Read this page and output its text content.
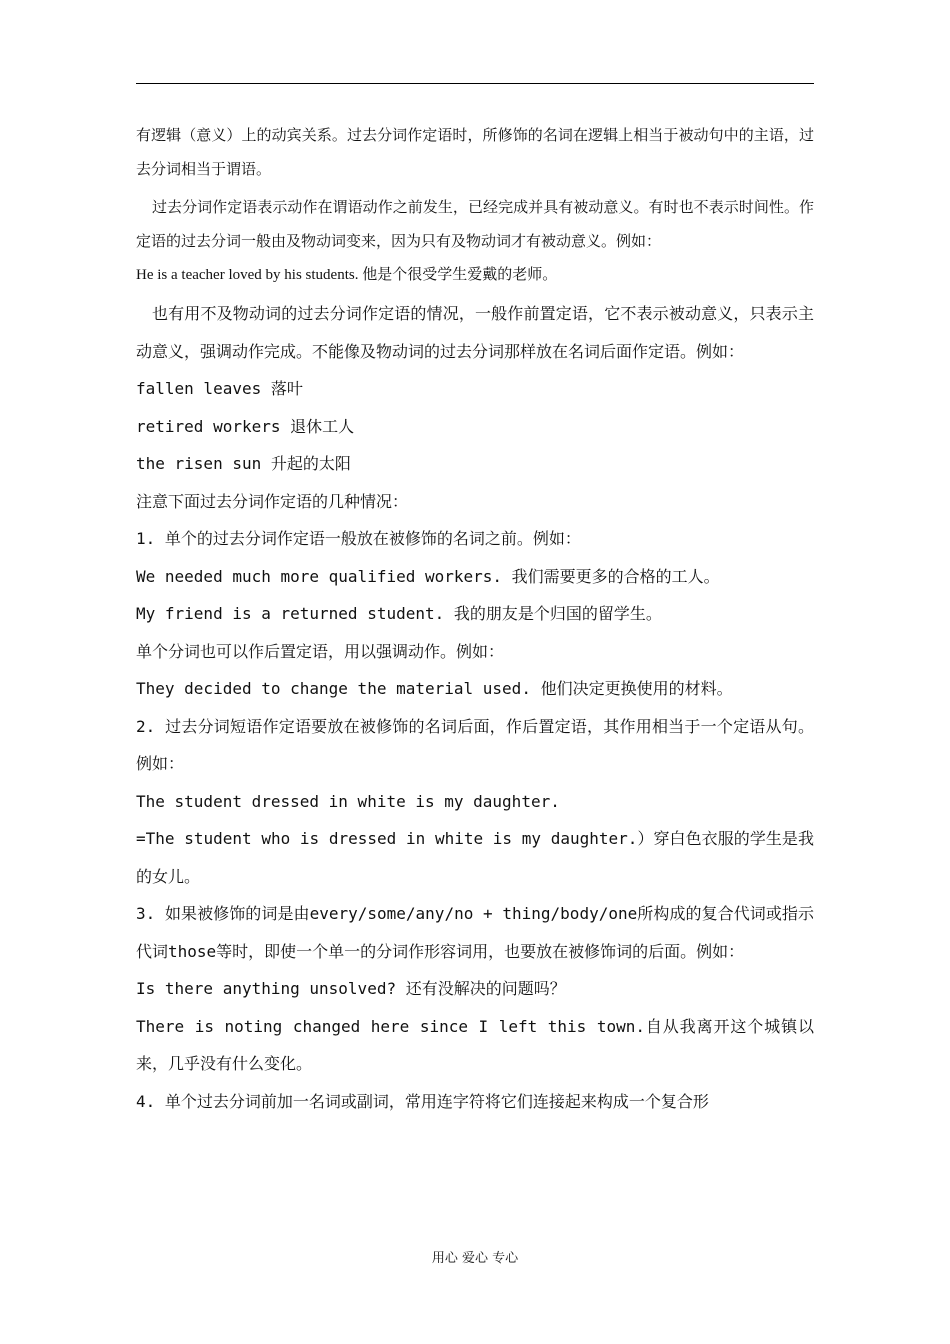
有逻辑（意义）上的动宾关系。过去分词作定语时，所修饰的名词在逻辑上相当于被动句中的主语，过去分词相当于谓语。

过去分词作定语表示动作在谓语动作之前发生，已经完成并具有被动意义。有时也不表示时间性。作定语的过去分词一般由及物动词变来，因为只有及物动词才有被动意义。例如：

He is a teacher loved by his students. 他是个很受学生爱戴的老师。

也有用不及物动词的过去分词作定语的情况，一般作前置定语，它不表示被动意义，只表示主动意义，强调动作完成。不能像及物动词的过去分词那样放在名词后面作定语。例如：

fallen leaves 落叶

retired workers 退休工人

the risen sun 升起的太阳

注意下面过去分词作定语的几种情况：

1. 单个的过去分词作定语一般放在被修饰的名词之前。例如：

We needed much more qualified workers. 我们需要更多的合格的工人。

My friend is a returned student. 我的朋友是个归国的留学生。

单个分词也可以作后置定语，用以强调动作。例如：

They decided to change the material used. 他们决定更换使用的材料。

2. 过去分词短语作定语要放在被修饰的名词后面，作后置定语，其作用相当于一个定语从句。例如：

The student dressed in white is my daughter.

=The student who is dressed in white is my daughter.）穿白色衣服的学生是我的女儿。

3. 如果被修饰的词是由every/some/any/no + thing/body/one所构成的复合代词或指示代词those等时，即使一个单一的分词作形容词用，也要放在被修饰词的后面。例如：

Is there anything unsolved? 还有没解决的问题吗？

There is noting changed here since I left this town.自从我离开这个城镇以来，几乎没有什么变化。

4. 单个过去分词前加一名词或副词，常用连字符将它们连接起来构成一个复合形

用心 爱心 专心
